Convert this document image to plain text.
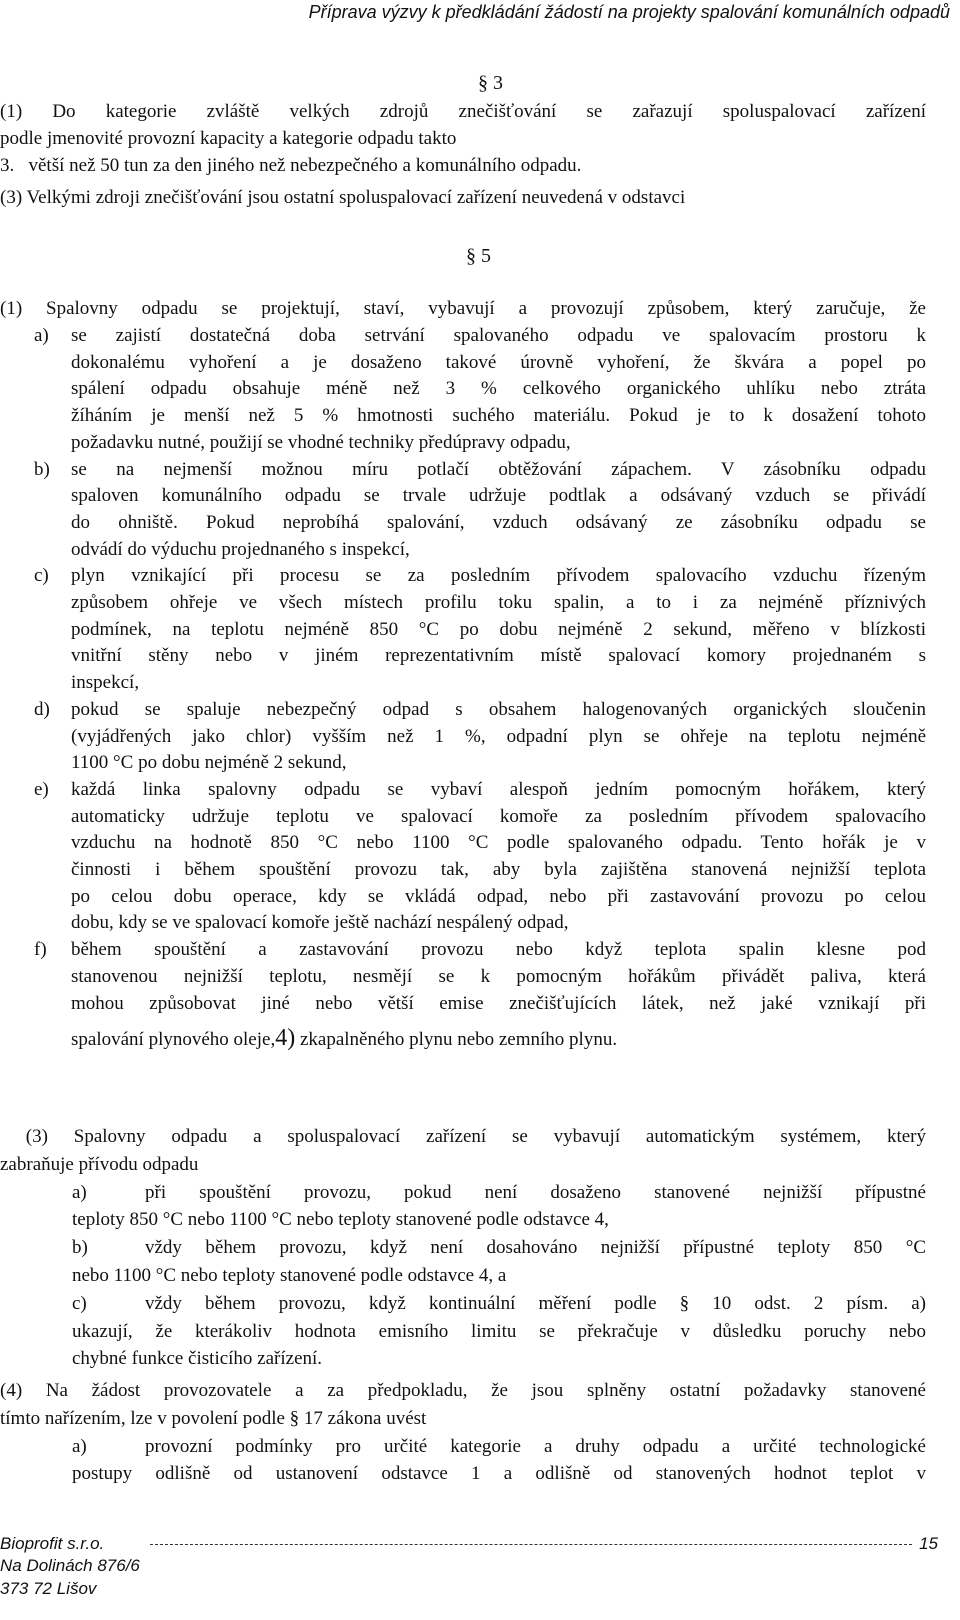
Příprava výzvy k předkládání žádostí na projekty spalování komunálních odpadů
§ 3
(1) Do kategorie zvláště velkých zdrojů znečišťování se zařazují spoluspalovací zařízení
podle jmenovité provozní kapacity a kategorie odpadu takto
3.   větší než 50 tun za den jiného než nebezpečného a komunálního odpadu.
(3) Velkými zdroji znečišťování jsou ostatní spoluspalovací zařízení neuvedená v odstavci
§ 5
(1) Spalovny odpadu se projektují, staví, vybavují a provozují způsobem, který zaručuje, že
a) se zajistí dostatečná doba setrvání spalovaného odpadu ve spalovacím prostoru k
dokonalému vyhoření a je dosaženo takové úrovně vyhoření, že škvára a popel po
spálení odpadu obsahuje méně než 3 % celkového organického uhlíku nebo ztráta
žíháním je menší než 5 % hmotnosti suchého materiálu. Pokud je to k dosažení tohoto
požadavku nutné, použijí se vhodné techniky předúpravy odpadu,
b) se na nejmenší možnou míru potlačí obtěžování zápachem. V zásobníku odpadu
spaloven komunálního odpadu se trvale udržuje podtlak a odsávaný vzduch se přivádí
do ohniště. Pokud neprobíhá spalování, vzduch odsávaný ze zásobníku odpadu se
odvádí do výduchu projednaného s inspekcí,
c) plyn vznikající při procesu se za posledním přívodem spalovacího vzduchu řízeným
způsobem ohřeje ve všech místech profilu toku spalin, a to i za nejméně příznivých
podmínek, na teplotu nejméně 850 °C po dobu nejméně 2 sekund, měřeno v blízkosti
vnitřní stěny nebo v jiném reprezentativním místě spalovací komory projednaném s
inspekcí,
d) pokud se spaluje nebezpečný odpad s obsahem halogenovaných organických sloučenin
(vyjádřených jako chlor) vyšším než 1 %, odpadní plyn se ohřeje na teplotu nejméně
1100 °C po dobu nejméně 2 sekund,
e) každá linka spalovny odpadu se vybaví alespoň jedním pomocným hořákem, který
automaticky udržuje teplotu ve spalovací komoře za posledním přívodem spalovacího
vzduchu na hodnotě 850 °C nebo 1100 °C podle spalovaného odpadu. Tento hořák je v
činnosti i během spouštění provozu tak, aby byla zajištěna stanovená nejnižší teplota
po celou dobu operace, kdy se vkládá odpad, nebo při zastavování provozu po celou
dobu, kdy se ve spalovací komoře ještě nachází nespálený odpad,
f) během spouštění a zastavování provozu nebo když teplota spalin klesne pod
stanovenou nejnižší teplotu, nesmějí se k pomocným hořákům přivádět paliva, která
mohou způsobovat jiné nebo větší emise znečišťujících látek, než jaké vznikají při
spalování plynového oleje,4) zkapalněného plynu nebo zemního plynu.
(3) Spalovny odpadu a spoluspalovací zařízení se vybavují automatickým systémem, který
zabraňuje přívodu odpadu
a)	při spouštění provozu, pokud není dosaženo stanovené nejnižší přípustné
teploty 850 °C nebo 1100 °C nebo teploty stanovené podle odstavce 4,
b)	vždy během provozu, když není dosahováno nejnižší přípustné teploty 850 °C
nebo 1100 °C nebo teploty stanovené podle odstavce 4, a
c)	vždy během provozu, když kontinuální měření podle § 10 odst. 2 písm. a)
ukazují, že kterákoliv hodnota emisního limitu se překračuje v důsledku poruchy nebo
chybné funkce čisticího zařízení.
(4) Na žádost provozovatele a za předpokladu, že jsou splněny ostatní požadavky stanovené
tímto nařízením, lze v povolení podle § 17 zákona uvést
a)	provozní podmínky pro určité kategorie a druhy odpadu a určité technologické
postupy odlišně od ustanovení odstavce 1 a odlišně od stanovených hodnot teplot v
Bioprofit s.r.o.	15
Na Dolinách 876/6
373 72 Lišov
